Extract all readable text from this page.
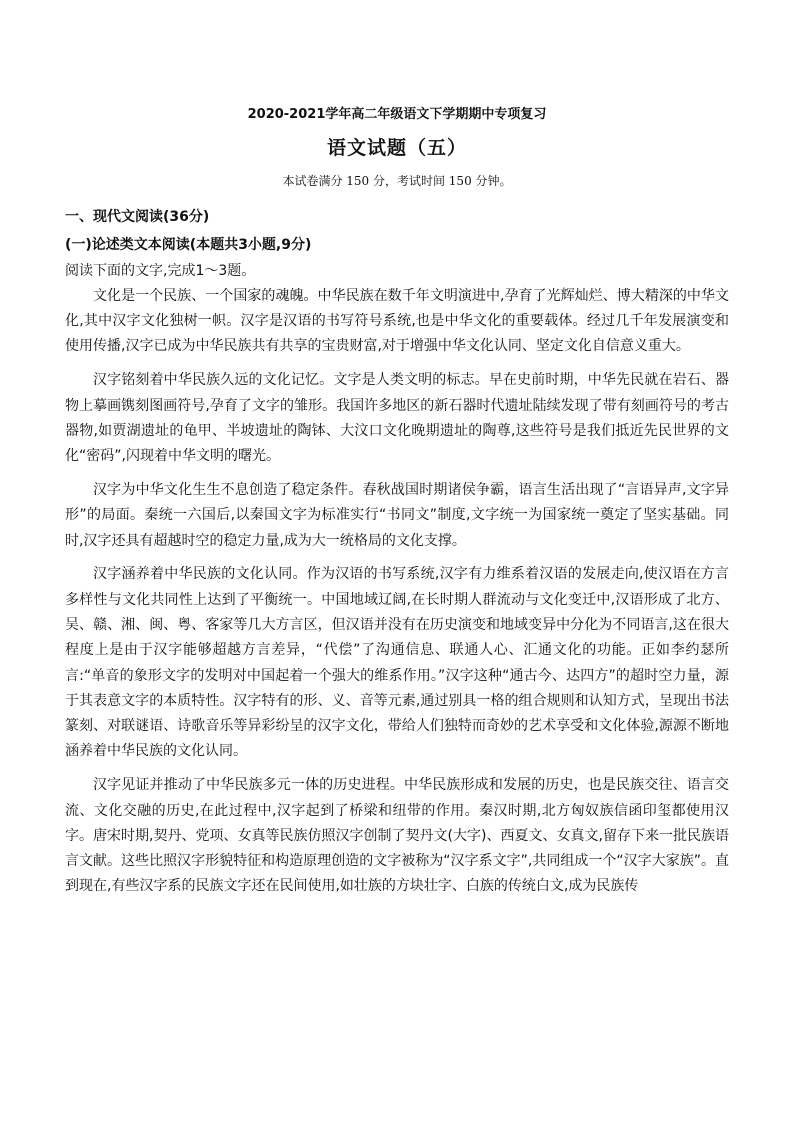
2020-2021学年高二年级语文下学期期中专项复习
语文试题（五）
本试卷满分 150 分，考试时间 150 分钟。
一、现代文阅读(36分)
(一)论述类文本阅读(本题共3小题,9分)
阅读下面的文字,完成1～3题。

文化是一个民族、一个国家的魂魄。中华民族在数千年文明演进中,孕育了光辉灿烂、博大精深的中华文化,其中汉字文化独树一帜。汉字是汉语的书写符号系统,也是中华文化的重要载体。经过几千年发展演变和使用传播,汉字已成为中华民族共有共享的宝贵财富,对于增强中华文化认同、坚定文化自信意义重大。

汉字铭刻着中华民族久远的文化记忆。文字是人类文明的标志。早在史前时期，中华先民就在岩石、器物上摹画镌刻图画符号,孕育了文字的雏形。我国许多地区的新石器时代遗址陆续发现了带有刻画符号的考古器物,如贾湖遗址的龟甲、半坡遗址的陶钵、大汶口文化晚期遗址的陶尊,这些符号是我们抵近先民世界的文化“密码”,闪现着中华文明的曙光。

汉字为中华文化生生不息创造了稳定条件。春秋战国时期诸侯争霸，语言生活出现了“言语异声,文字异形”的局面。秦统一六国后,以秦国文字为标准实行“书同文”制度,文字统一为国家统一奠定了坚实基础。同时,汉字还具有超越时空的稳定力量,成为大一统格局的文化支撑。

汉字涵养着中华民族的文化认同。作为汉语的书写系统,汉字有力维系着汉语的发展走向,使汉语在方言多样性与文化共同性上达到了平衡统一。中国地域辽阔,在长时期人群流动与文化变迁中,汉语形成了北方、吴、赣、湘、闽、粤、客家等几大方言区，但汉语并没有在历史演变和地域变异中分化为不同语言,这在很大程度上是由于汉字能够超越方言差异，“代偿”了沟通信息、联通人心、汇通文化的功能。正如李约瑟所言:“单音的象形文字的发明对中国起着一个强大的维系作用。”汉字这种“通古今、达四方”的超时空力量，源于其表意文字的本质特性。汉字特有的形、义、音等元素,通过别具一格的组合规则和认知方式，呈现出书法篆刻、对联谜语、诗歌音乐等异彩纷呈的汉字文化，带给人们独特而奇妙的艺术享受和文化体验,源源不断地涵养着中华民族的文化认同。

汉字见证并推动了中华民族多元一体的历史进程。中华民族形成和发展的历史，也是民族交往、语言交流、文化交融的历史,在此过程中,汉字起到了桥梁和纽带的作用。秦汉时期,北方匈奴族信函印玺都使用汉字。唐宋时期,契丹、党项、女真等民族仿照汉字创制了契丹文(大字)、西夏文、女真文,留存下来一批民族语言文献。这些比照汉字形貌特征和构造原理创造的文字被称为“汉字系文字”,共同组成一个“汉字大家族”。直到现在,有些汉字系的民族文字还在民间使用,如壮族的方块壮字、白族的传统白文,成为民族传
